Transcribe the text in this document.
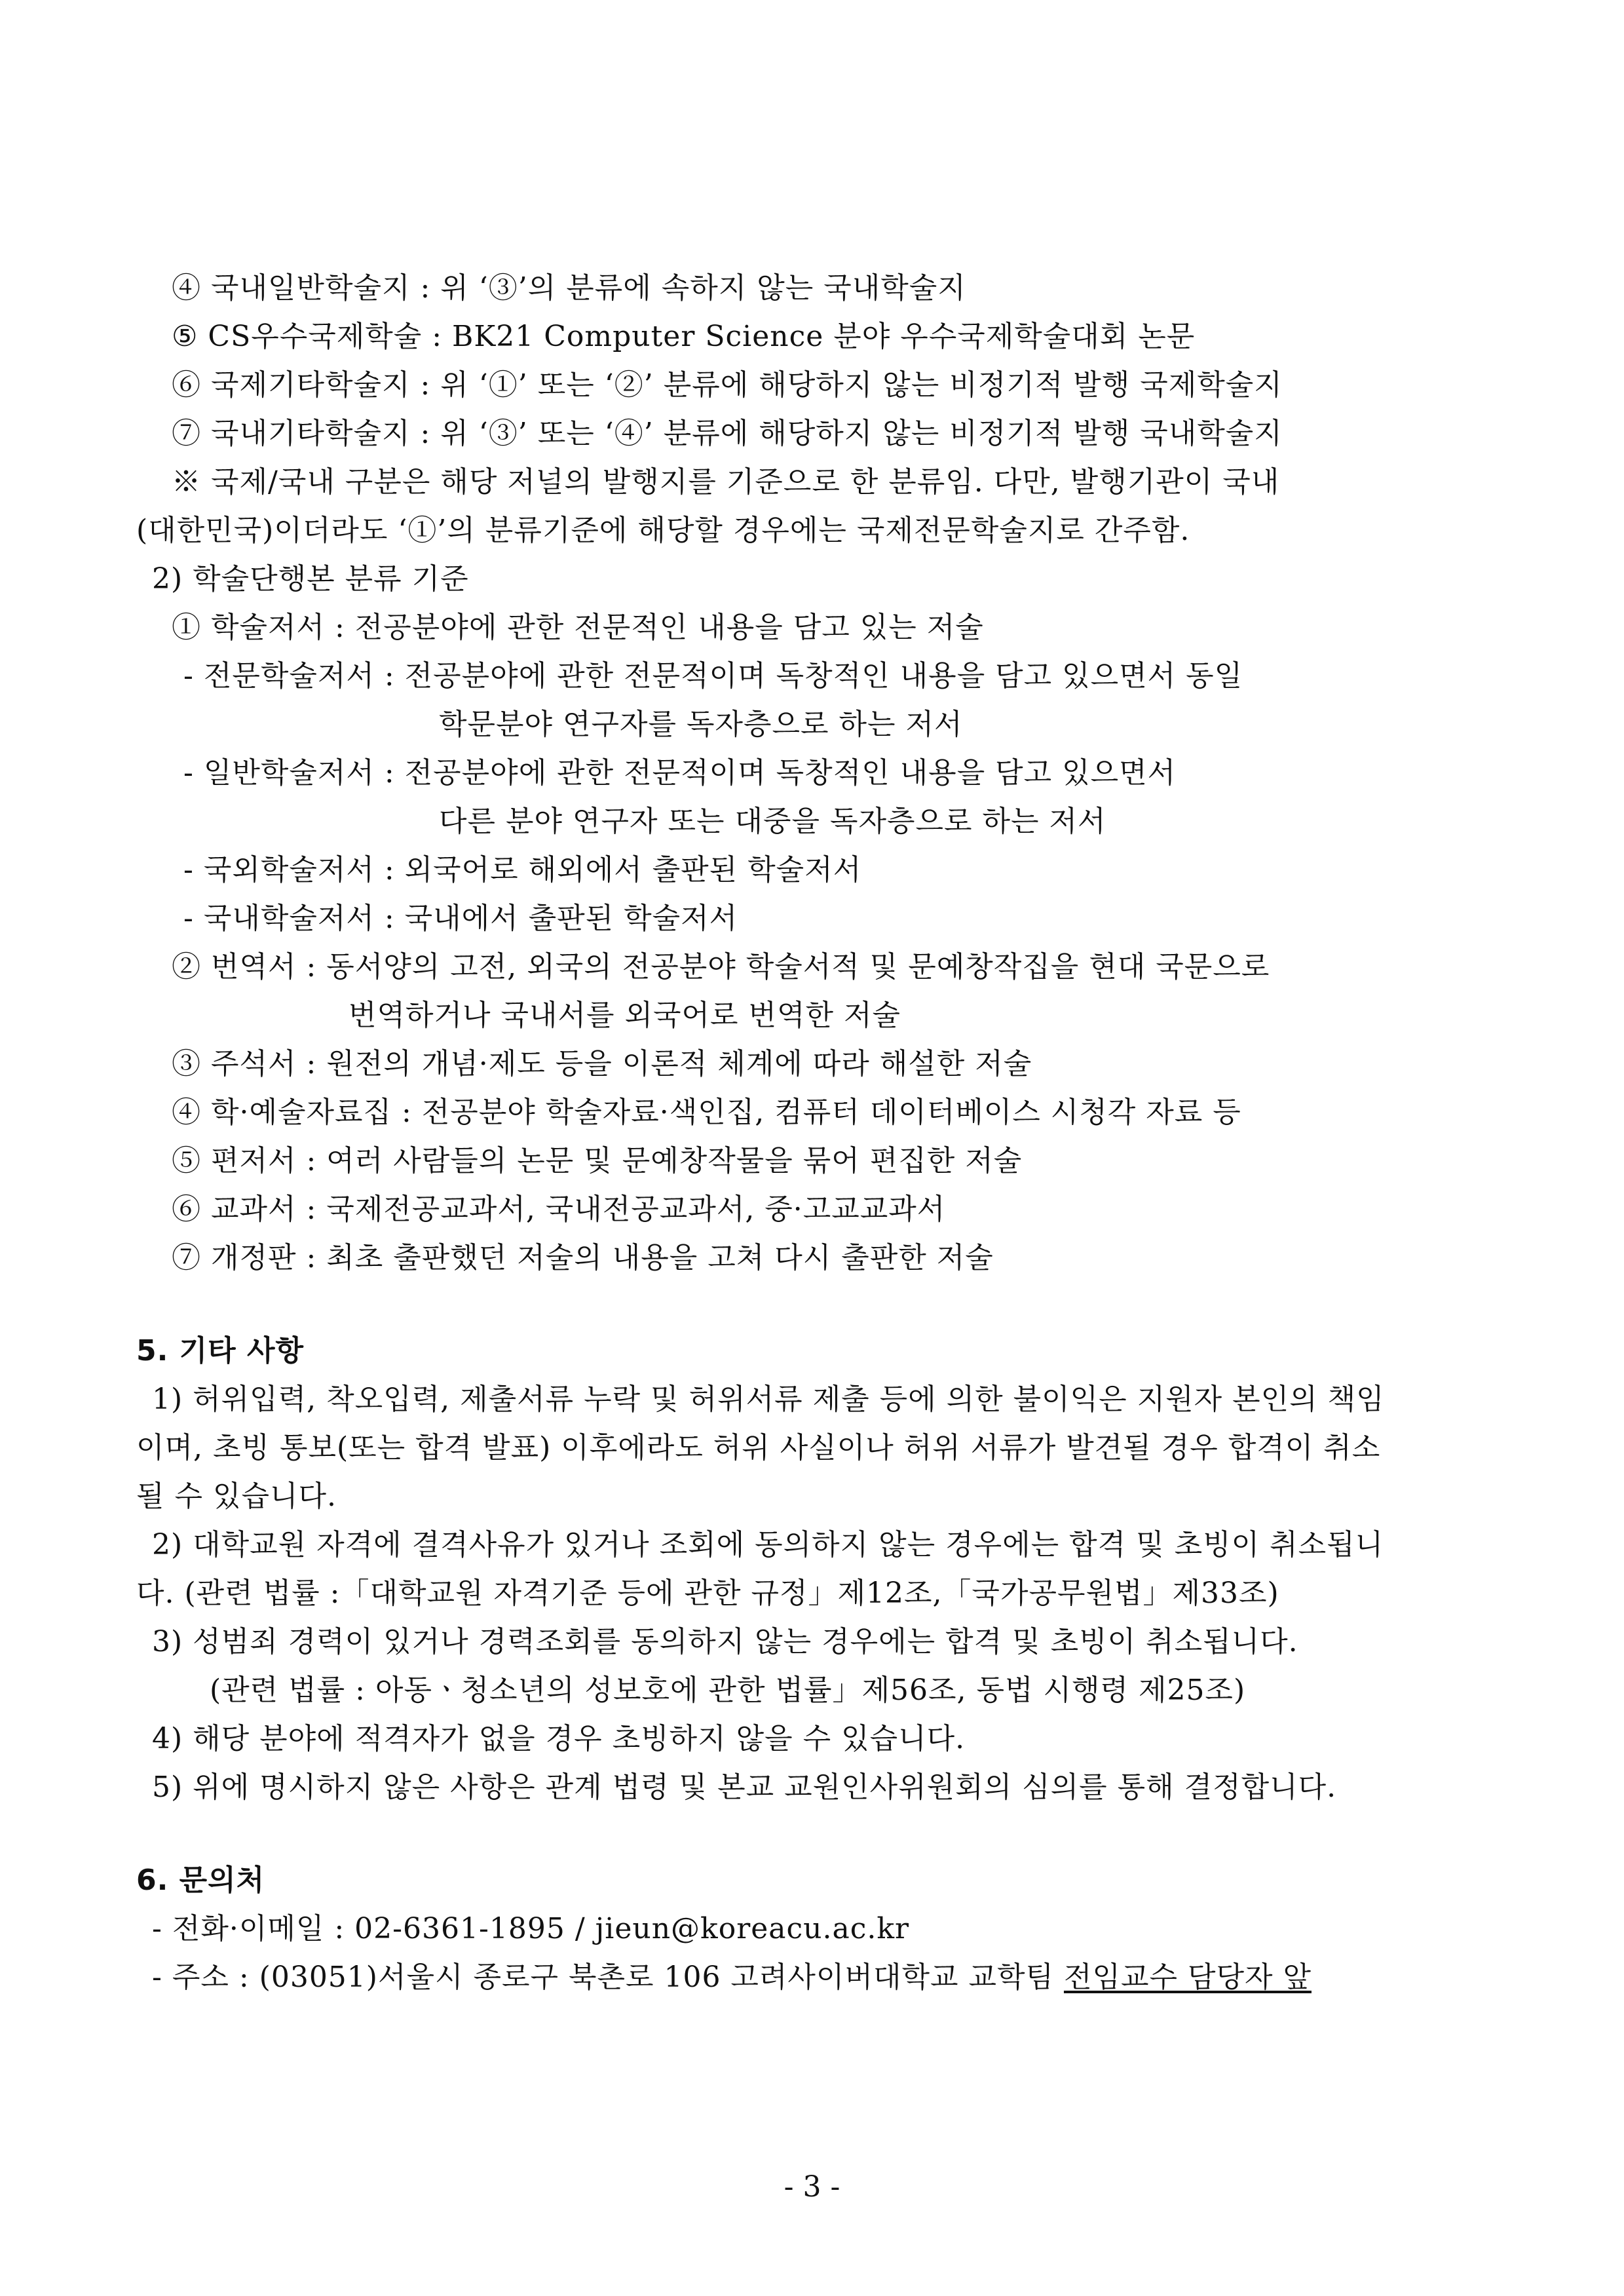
④ 국내일반학술지 : 위 ‘③’의 분류에 속하지 않는 국내학술지
⑤ CS우수국제학술 : BK21 Computer Science 분야 우수국제학술대회 논문
⑥ 국제기타학술지 : 위 ‘①’ 또는 ‘②’ 분류에 해당하지 않는 비정기적 발행 국제학술지
⑦ 국내기타학술지 : 위 ‘③’ 또는 ‘④’ 분류에 해당하지 않는 비정기적 발행 국내학술지
※ 국제/국내 구분은 해당 저널의 발행지를 기준으로 한 분류임. 다만, 발행기관이 국내
(대한민국)이더라도 ‘①’의 분류기준에 해당할 경우에는 국제전문학술지로 간주함.
2) 학술단행본 분류 기준
① 학술저서 : 전공분야에 관한 전문적인 내용을 담고 있는 저술
- 전문학술저서 : 전공분야에 관한 전문적이며 독창적인 내용을 담고 있으면서 동일
학문분야 연구자를 독자층으로 하는 저서
- 일반학술저서 : 전공분야에 관한 전문적이며 독창적인 내용을 담고 있으면서
다른 분야 연구자 또는 대중을 독자층으로 하는 저서
- 국외학술저서 : 외국어로 해외에서 출판된 학술저서
- 국내학술저서 : 국내에서 출판된 학술저서
② 번역서 : 동서양의 고전, 외국의 전공분야 학술서적 및 문예창작집을 현대 국문으로
번역하거나 국내서를 외국어로 번역한 저술
③ 주석서 : 원전의 개념·제도 등을 이론적 체계에 따라 해설한 저술
④ 학·예술자료집 : 전공분야 학술자료·색인집, 컴퓨터 데이터베이스 시청각 자료 등
⑤ 편저서 : 여러 사람들의 논문 및 문예창작물을 묶어 편집한 저술
⑥ 교과서 : 국제전공교과서, 국내전공교과서, 중·고교교과서
⑦ 개정판 : 최초 출판했던 저술의 내용을 고쳐 다시 출판한 저술
5. 기타 사항
1) 허위입력, 착오입력, 제출서류 누락 및 허위서류 제출 등에 의한 불이익은 지원자 본인의 책임
이며, 초빙 통보(또는 합격 발표) 이후에라도 허위 사실이나 허위 서류가 발견될 경우 합격이 취소
될 수 있습니다.
2) 대학교원 자격에 결격사유가 있거나 조회에 동의하지 않는 경우에는 합격 및 초빙이 취소됩니
다. (관련 법률 :「대학교원 자격기준 등에 관한 규정」제12조,「국가공무원법」제33조)
3) 성범죄 경력이 있거나 경력조회를 동의하지 않는 경우에는 합격 및 초빙이 취소됩니다.
(관련 법률 : 아동ㆍ청소년의 성보호에 관한 법률」제56조, 동법 시행령 제25조)
4) 해당 분야에 적격자가 없을 경우 초빙하지 않을 수 있습니다.
5) 위에 명시하지 않은 사항은 관계 법령 및 본교 교원인사위원회의 심의를 통해 결정합니다.
6. 문의처
- 전화·이메일 : 02-6361-1895 / jieun@koreacu.ac.kr
- 주소 : (03051)서울시 종로구 북촌로 106 고려사이버대학교 교학팀 전임교수 담당자 앞
- 3 -
